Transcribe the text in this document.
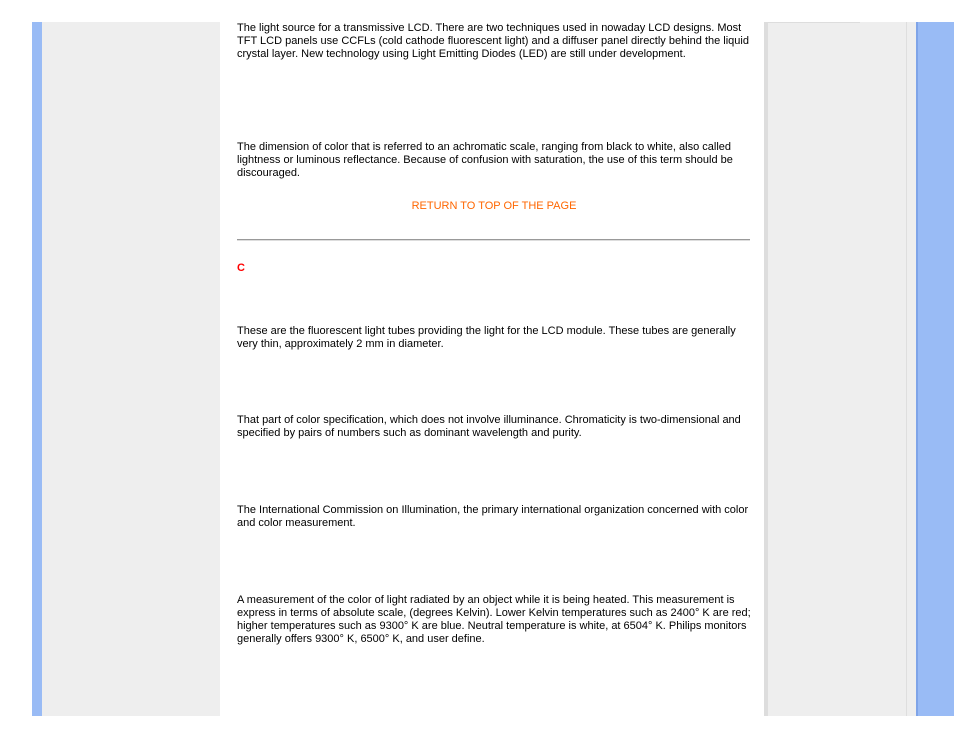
The light source for a transmissive LCD. There are two techniques used in nowaday LCD designs. Most TFT LCD panels use CCFLs (cold cathode fluorescent light) and a diffuser panel directly behind the liquid crystal layer. New technology using Light Emitting Diodes (LED) are still under development.

The dimension of color that is referred to an achromatic scale, ranging from black to white, also called lightness or luminous reflectance. Because of confusion with saturation, the use of this term should be discouraged.

RETURN TO TOP OF THE PAGE
C

These are the fluorescent light tubes providing the light for the LCD module. These tubes are generally very thin, approximately 2 mm in diameter.

That part of color specification, which does not involve illuminance. Chromaticity is two-dimensional and specified by pairs of numbers such as dominant wavelength and purity.

The International Commission on Illumination, the primary international organization concerned with color and color measurement.

A measurement of the color of light radiated by an object while it is being heated. This measurement is express in terms of absolute scale, (degrees Kelvin). Lower Kelvin temperatures such as 2400° K are red; higher temperatures such as 9300° K are blue. Neutral temperature is white, at 6504° K. Philips monitors generally offers 9300° K, 6500° K, and user define.
